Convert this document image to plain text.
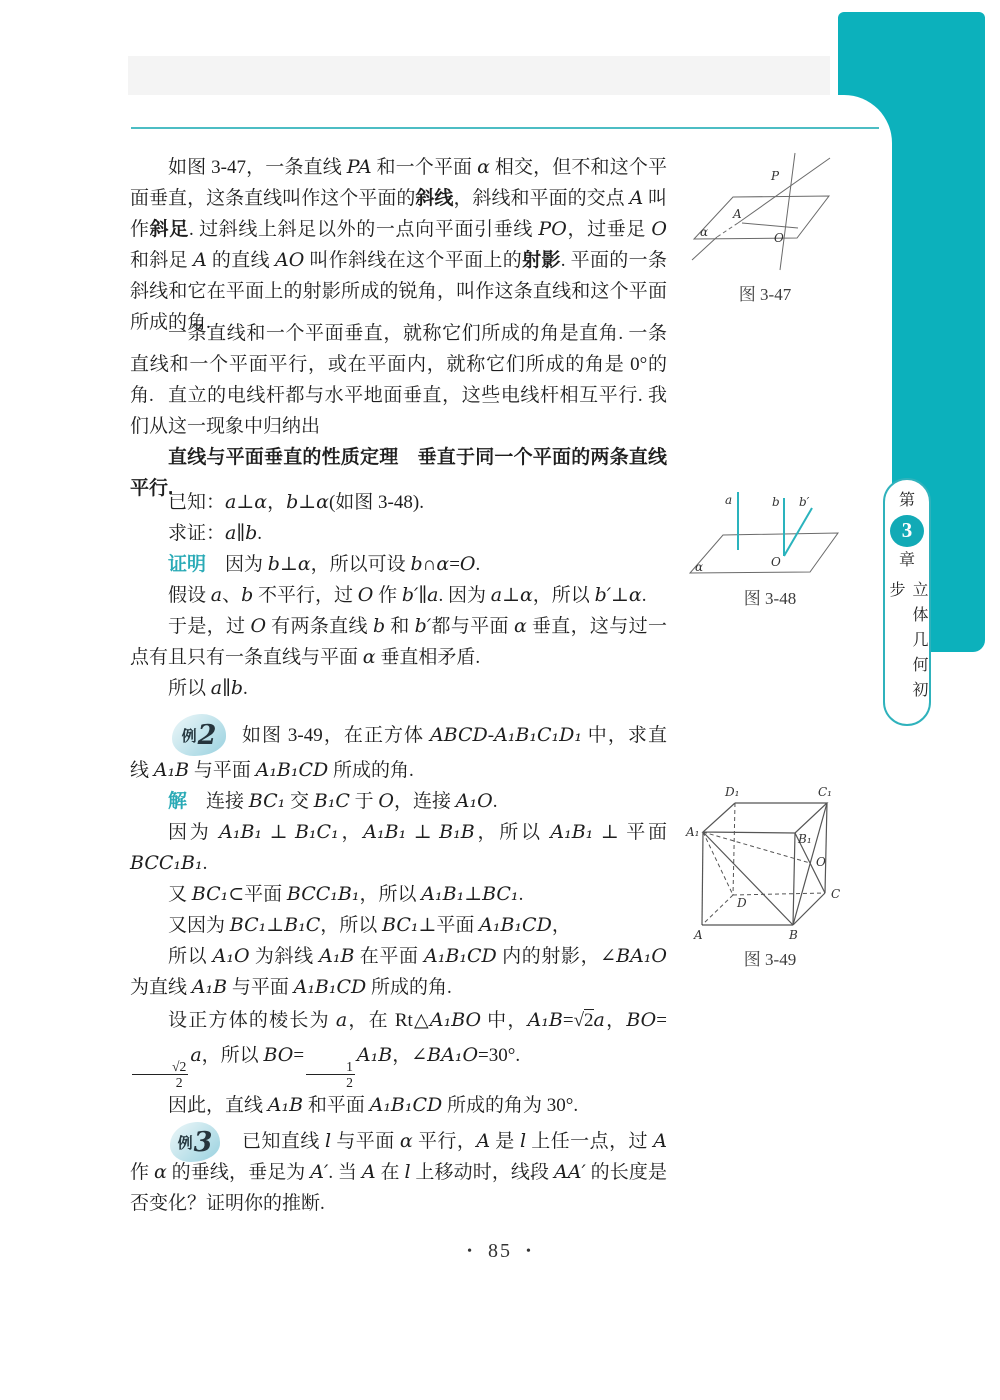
第
3
章
立体几何初步

如图 3-47，一条直线 PA 和一个平面 α 相交，但不和这个平面垂直，这条直线叫作这个平面的斜线，斜线和平面的交点 A 叫作斜足. 过斜线上斜足以外的一点向平面引垂线 PO，过垂足 O 和斜足 A 的直线 AO 叫作斜线在这个平面上的射影. 平面的一条斜线和它在平面上的射影所成的锐角，叫作这条直线和这个平面所成的角.

一条直线和一个平面垂直，就称它们所成的角是直角. 一条直线和一个平面平行，或在平面内，就称它们所成的角是 0°的角. 直立的电线杆都与水平地面垂直，这些电线杆相互平行. 我们从这一现象中归纳出

直线与平面垂直的性质定理　垂直于同一个平面的两条直线平行.

已知：a⊥α，b⊥α(如图 3-48).

求证：a∥b.

证明　因为 b⊥α，所以可设 b∩α=O.

假设 a、b 不平行，过 O 作 b′∥a. 因为 a⊥α，所以 b′⊥α.

于是，过 O 有两条直线 b 和 b′都与平面 α 垂直，这与过一点有且只有一条直线与平面 α 垂直相矛盾.

所以 a∥b.

例 2	如图 3-49，在正方体 ABCD-A₁B₁C₁D₁ 中，求直线 A₁B 与平面 A₁B₁CD 所成的角.

解　连接 BC₁ 交 B₁C 于 O，连接 A₁O.

因为 A₁B₁ ⊥ B₁C₁，A₁B₁ ⊥ B₁B，所以 A₁B₁ ⊥ 平面 BCC₁B₁.

又 BC₁⊂平面 BCC₁B₁，所以 A₁B₁⊥BC₁.

又因为 BC₁⊥B₁C，所以 BC₁⊥平面 A₁B₁CD，

所以 A₁O 为斜线 A₁B 在平面 A₁B₁CD 内的射影，∠BA₁O 为直线 A₁B 与平面 A₁B₁CD 所成的角.

设正方体的棱长为 a，在 Rt△A₁BO 中，A₁B=√2a，BO=
$\frac{√2}{2}$
a，所以 BO=
$\frac{1}{2}$
A₁B，∠BA₁O=30°.

因此，直线 A₁B 和平面 A₁B₁CD 所成的角为 30°.

例 3	已知直线 l 与平面 α 平行，A 是 l 上任一点，过 A 作 α 的垂线，垂足为 A′. 当 A 在 l 上移动时，线段 AA′ 的长度是否变化？证明你的推断.

P
A
O
α
图 3-47
a	b b′
O
α
图 3-48
D₁	C₁
A₁	B₁
O
C
D
A	B
图 3-49
• 85 •
